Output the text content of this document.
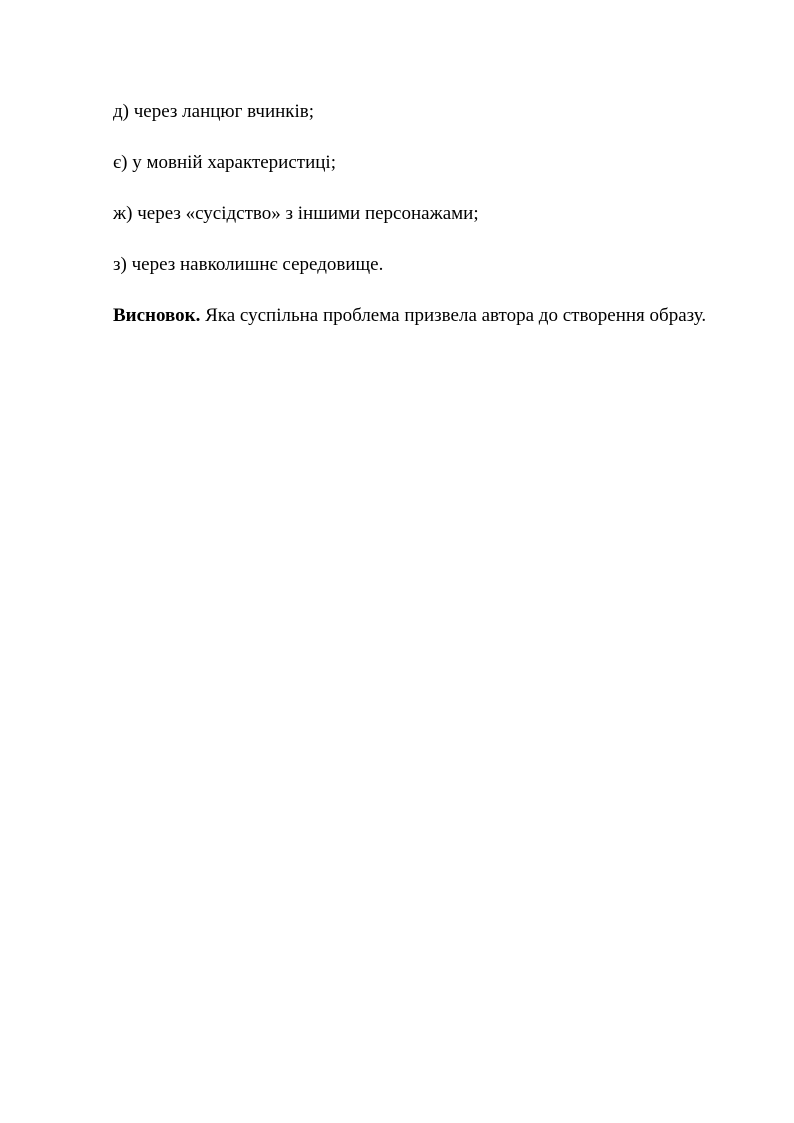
д) через ланцюг вчинків;

є) у мовній характеристиці;

ж) через «сусідство» з іншими персонажами;

з) через навколишнє середовище.

Висновок. Яка суспільна проблема призвела автора до створення образу.
